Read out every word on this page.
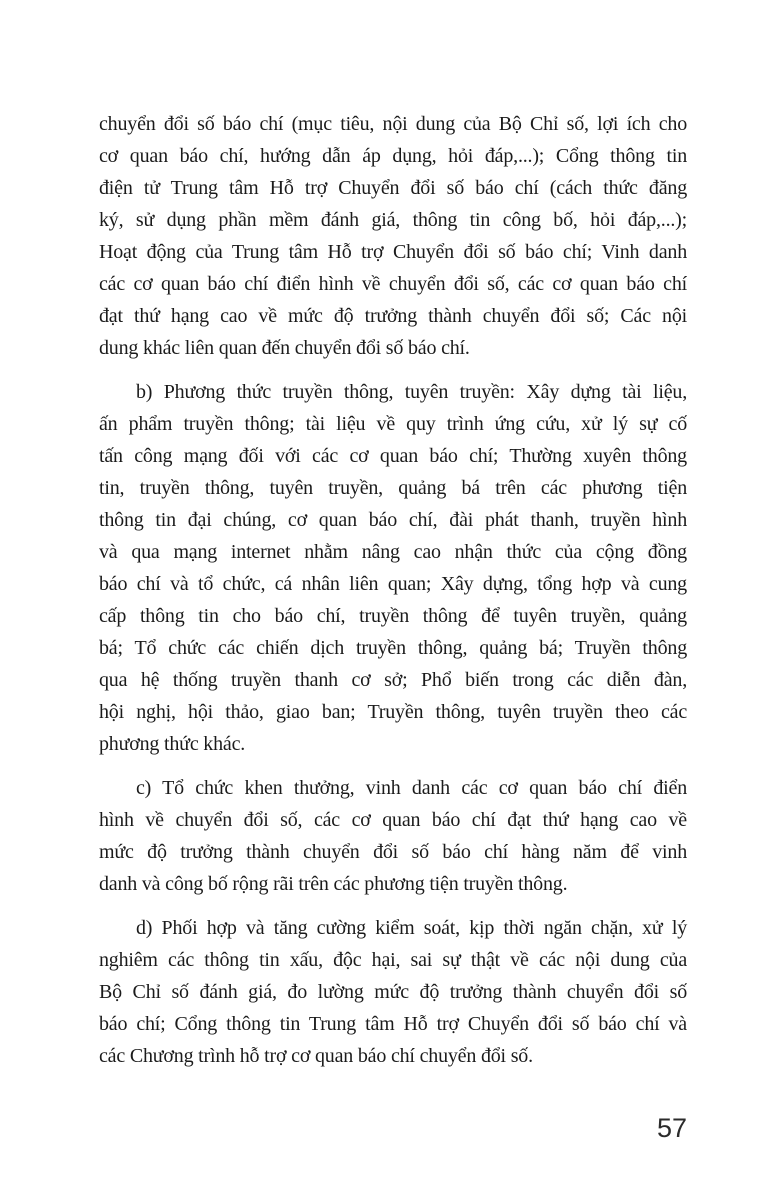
chuyển đổi số báo chí (mục tiêu, nội dung của Bộ Chỉ số, lợi ích cho
cơ quan báo chí, hướng dẫn áp dụng, hỏi đáp,...); Cổng thông tin
điện tử Trung tâm Hỗ trợ Chuyển đổi số báo chí (cách thức đăng
ký, sử dụng phần mềm đánh giá, thông tin công bố, hỏi đáp,...);
Hoạt động của Trung tâm Hỗ trợ Chuyển đổi số báo chí; Vinh danh
các cơ quan báo chí điển hình về chuyển đổi số, các cơ quan báo chí
đạt thứ hạng cao về mức độ trưởng thành chuyển đổi số; Các nội
dung khác liên quan đến chuyển đổi số báo chí.
b) Phương thức truyền thông, tuyên truyền: Xây dựng tài liệu,
ấn phẩm truyền thông; tài liệu về quy trình ứng cứu, xử lý sự cố
tấn công mạng đối với các cơ quan báo chí; Thường xuyên thông
tin, truyền thông, tuyên truyền, quảng bá trên các phương tiện
thông tin đại chúng, cơ quan báo chí, đài phát thanh, truyền hình
và qua mạng internet nhằm nâng cao nhận thức của cộng đồng
báo chí và tổ chức, cá nhân liên quan; Xây dựng, tổng hợp và cung
cấp thông tin cho báo chí, truyền thông để tuyên truyền, quảng
bá; Tổ chức các chiến dịch truyền thông, quảng bá; Truyền thông
qua hệ thống truyền thanh cơ sở; Phổ biến trong các diễn đàn,
hội nghị, hội thảo, giao ban; Truyền thông, tuyên truyền theo các
phương thức khác.
c) Tổ chức khen thưởng, vinh danh các cơ quan báo chí điển
hình về chuyển đổi số, các cơ quan báo chí đạt thứ hạng cao về
mức độ trưởng thành chuyển đổi số báo chí hàng năm để vinh
danh và công bố rộng rãi trên các phương tiện truyền thông.
d) Phối hợp và tăng cường kiểm soát, kịp thời ngăn chặn, xử lý
nghiêm các thông tin xấu, độc hại, sai sự thật về các nội dung của
Bộ Chỉ số đánh giá, đo lường mức độ trưởng thành chuyển đổi số
báo chí; Cổng thông tin Trung tâm Hỗ trợ Chuyển đổi số báo chí và
các Chương trình hỗ trợ cơ quan báo chí chuyển đổi số.
57
